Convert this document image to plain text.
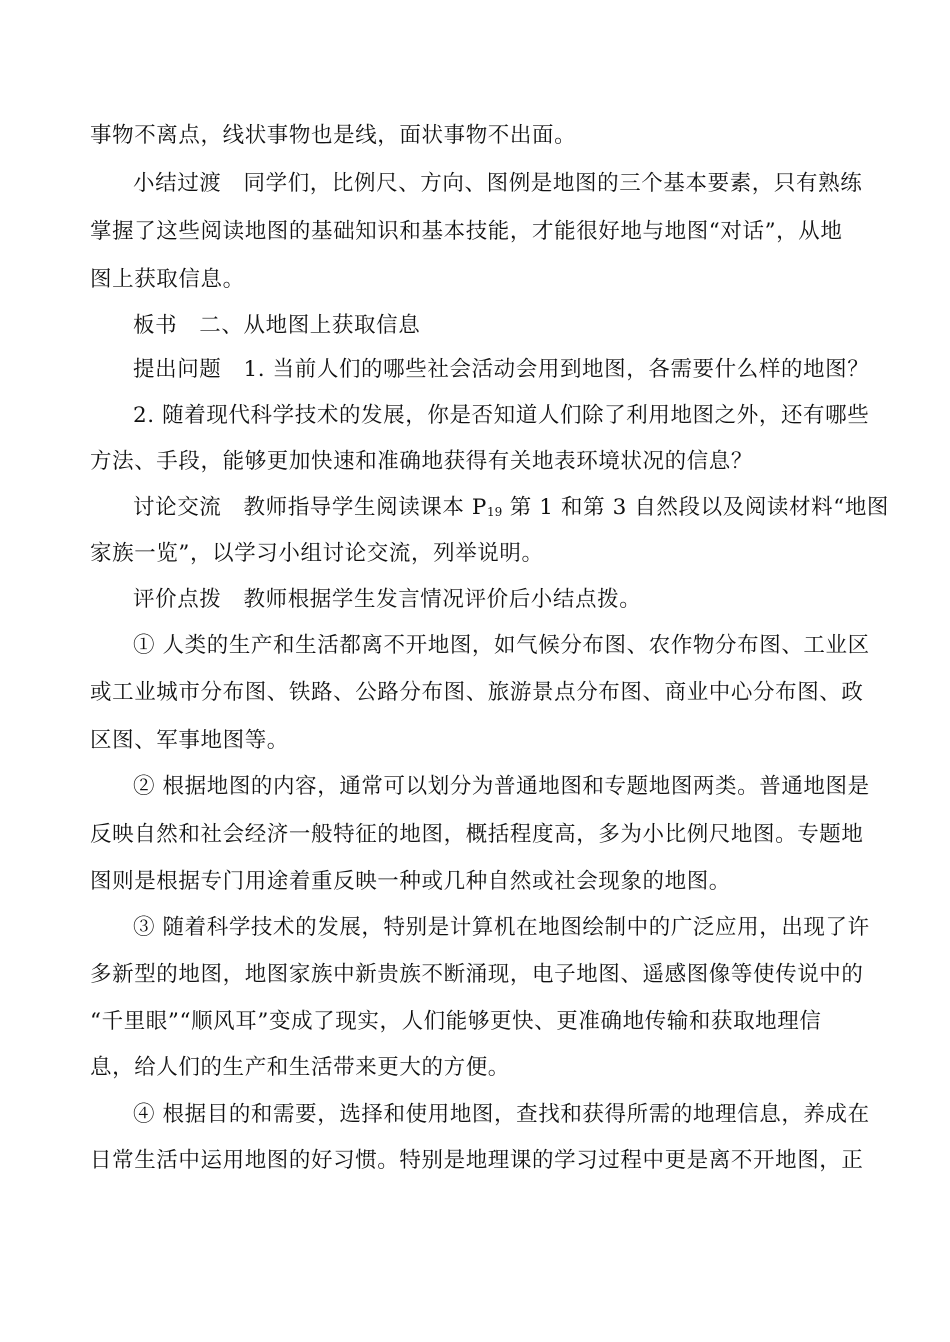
事物不离点，线状事物也是线，面状事物不出面。
小结过渡　同学们，比例尺、方向、图例是地图的三个基本要素，只有熟练
掌握了这些阅读地图的基础知识和基本技能，才能很好地与地图“对话”，从地
图上获取信息。
板书　二、从地图上获取信息
提出问题　1. 当前人们的哪些社会活动会用到地图，各需要什么样的地图？
2. 随着现代科学技术的发展，你是否知道人们除了利用地图之外，还有哪些
方法、手段，能够更加快速和准确地获得有关地表环境状况的信息？
讨论交流　教师指导学生阅读课本 P19 第 1 和第 3 自然段以及阅读材料“地图
家族一览”，以学习小组讨论交流，列举说明。
评价点拨　教师根据学生发言情况评价后小结点拨。
① 人类的生产和生活都离不开地图，如气候分布图、农作物分布图、工业区
或工业城市分布图、铁路、公路分布图、旅游景点分布图、商业中心分布图、政
区图、军事地图等。
② 根据地图的内容，通常可以划分为普通地图和专题地图两类。普通地图是
反映自然和社会经济一般特征的地图，概括程度高，多为小比例尺地图。专题地
图则是根据专门用途着重反映一种或几种自然或社会现象的地图。
③ 随着科学技术的发展，特别是计算机在地图绘制中的广泛应用，出现了许
多新型的地图，地图家族中新贵族不断涌现，电子地图、遥感图像等使传说中的
“千里眼”“顺风耳”变成了现实，人们能够更快、更准确地传输和获取地理信
息，给人们的生产和生活带来更大的方便。
④ 根据目的和需要，选择和使用地图，查找和获得所需的地理信息，养成在
日常生活中运用地图的好习惯。特别是地理课的学习过程中更是离不开地图，正
